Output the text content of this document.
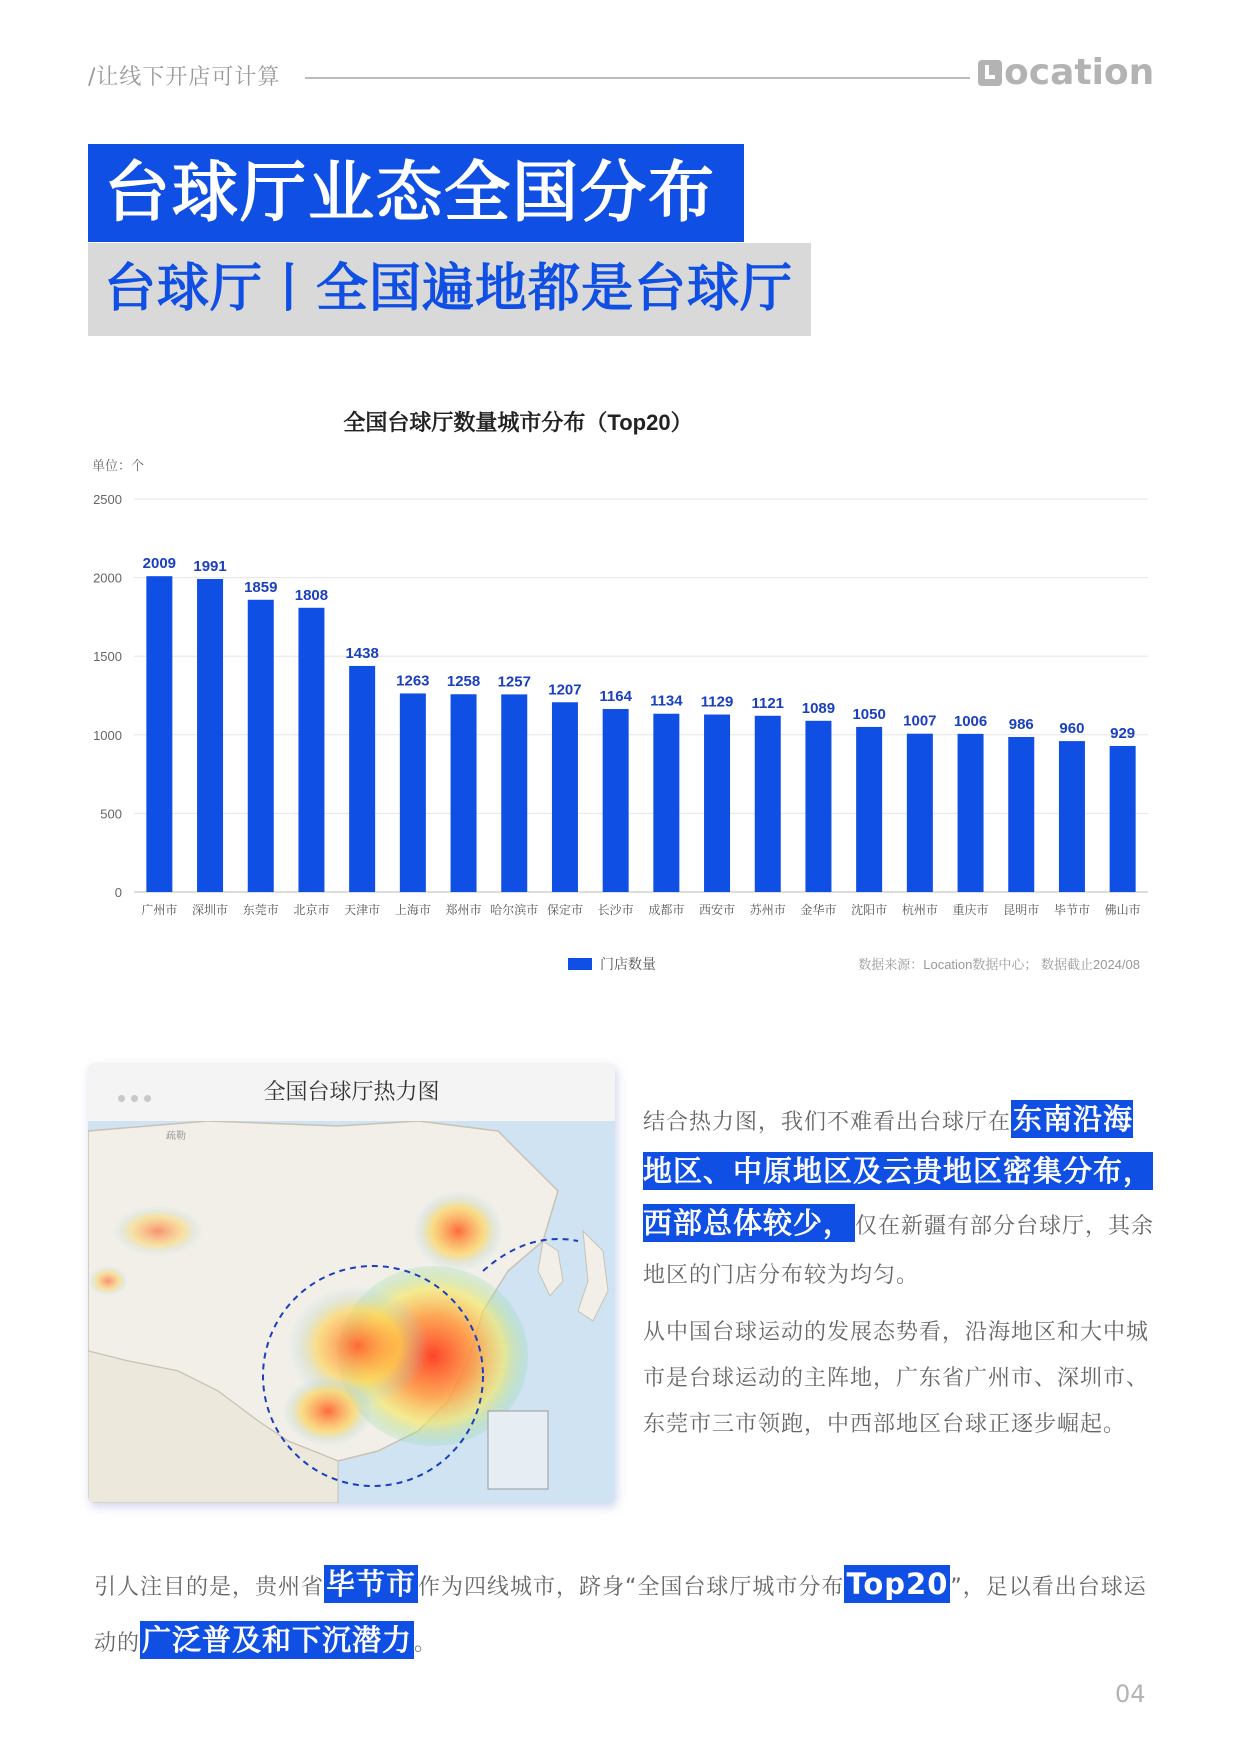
/让线下开店可计算	ocation
台球厅业态全国分布
台球厅丨全国遍地都是台球厅
全国台球厅数量城市分布（Top20）
单位：个
0
500
1000
1500
2000
2500
2009
广州市
1991
深圳市
1859
东莞市
1808
北京市
1438
天津市
1263
上海市
1258
郑州市
1257
哈尔滨市
1207
保定市
1164
长沙市
1134
成都市
1129
西安市
1121
苏州市
1089
金华市
1050
沈阳市
1007
杭州市
1006
重庆市
986
昆明市
960
毕节市
929
佛山市
门店数量	数据来源：Location数据中心； 数据截止2024/08
全国台球厅热力图
疏勒
结合热力图，我们不难看出台球厅在东南沿海地区、中原地区及云贵地区密集分布，西部总体较少，仅在新疆有部分台球厅，其余地区的门店分布较为均匀。
从中国台球运动的发展态势看，沿海地区和大中城市是台球运动的主阵地，广东省广州市、深圳市、东莞市三市领跑，中西部地区台球正逐步崛起。
引人注目的是，贵州省毕节市作为四线城市，跻身“全国台球厅城市分布Top20”，足以看出台球运动的广泛普及和下沉潜力。
04
